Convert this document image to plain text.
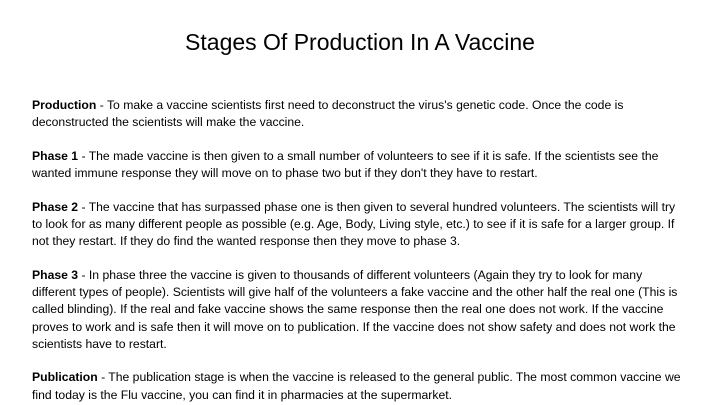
Stages Of Production In A Vaccine

Production - To make a vaccine scientists first need to deconstruct the virus's genetic code. Once the code is deconstructed the scientists will make the vaccine.

Phase 1 - The made vaccine is then given to a small number of volunteers to see if it is safe. If the scientists see the wanted immune response they will move on to phase two but if they don't they have to restart.

Phase 2 - The vaccine that has surpassed phase one is then given to several hundred volunteers. The scientists will try to look for as many different people as possible (e.g. Age, Body, Living style, etc.) to see if it is safe for a larger group. If not they restart. If they do find the wanted response then they move to phase 3.

Phase 3 - In phase three the vaccine is given to thousands of different volunteers (Again they try to look for many different types of people). Scientists will give half of the volunteers a fake vaccine and the other half the real one (This is called blinding). If the real and fake vaccine shows the same response then the real one does not work. If the vaccine proves to work and is safe then it will move on to publication. If the vaccine does not show safety and does not work the scientists have to restart.

Publication - The publication stage is when the vaccine is released to the general public. The most common vaccine we find today is the Flu vaccine, you can find it in pharmacies at the supermarket.
